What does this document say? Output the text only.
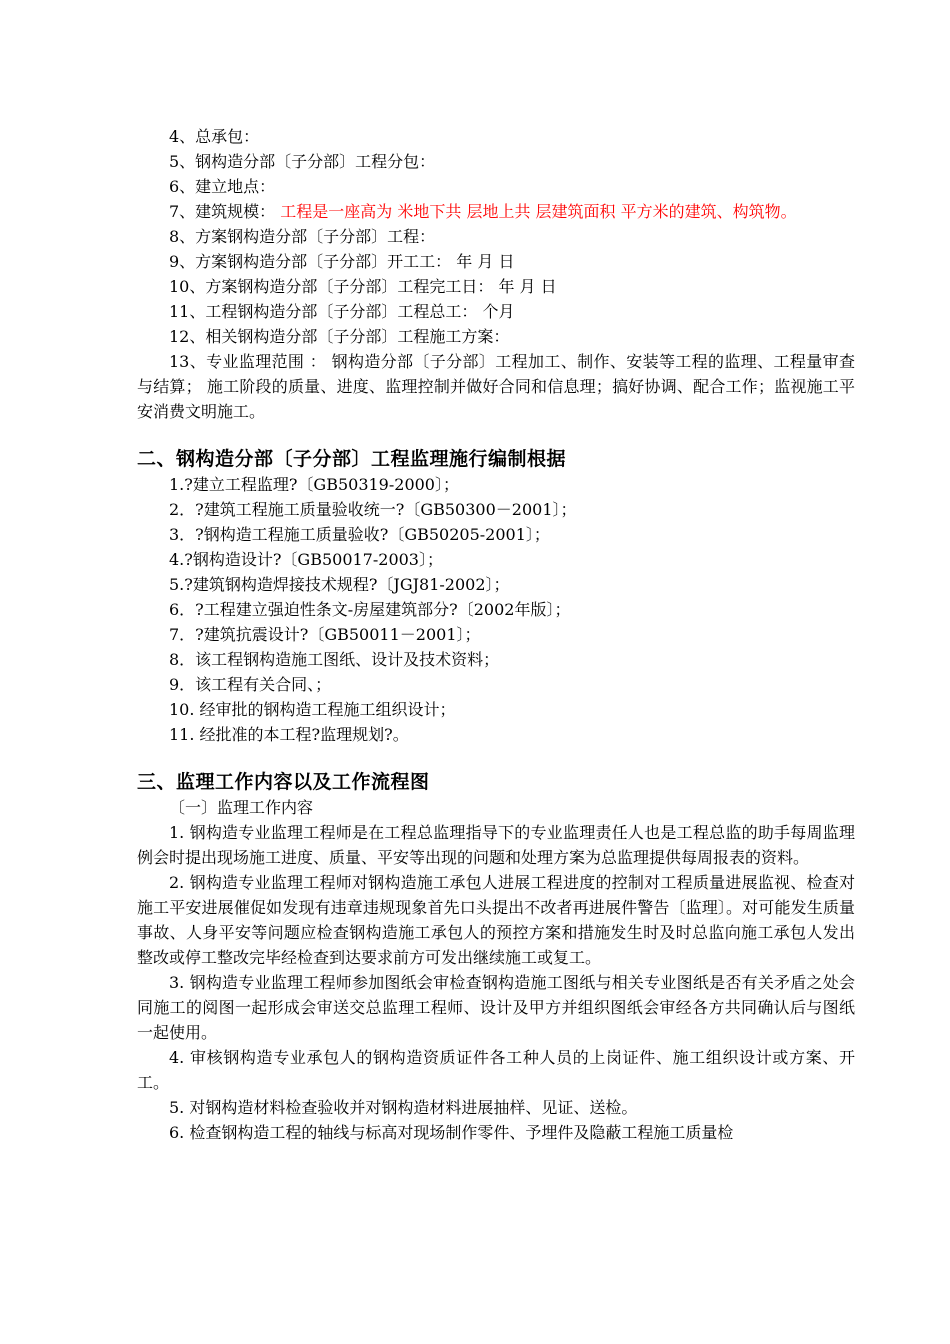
4、总承包：

5、钢构造分部〔子分部〕工程分包：

6、建立地点：

7、建筑规模： 工程是一座高为 米地下共 层地上共 层建筑面积 平方米的建筑、构筑物。

8、方案钢构造分部〔子分部〕工程：

9、方案钢构造分部〔子分部〕开工工： 年 月 日

10、方案钢构造分部〔子分部〕工程完工日： 年 月 日

11、工程钢构造分部〔子分部〕工程总工： 个月

12、相关钢构造分部〔子分部〕工程施工方案：

13、专业监理范围 ： 钢构造分部〔子分部〕工程加工、制作、安装等工程的监理、工程量审查与结算； 施工阶段的质量、进度、监理控制并做好合同和信息理；搞好协调、配合工作；监视施工平安消费文明施工。

二、钢构造分部〔子分部〕工程监理施行编制根据

1.?建立工程监理?〔GB50319-2000〕；

2．?建筑工程施工质量验收统一?〔GB50300－2001〕；

3．?钢构造工程施工质量验收?〔GB50205-2001〕；

4.?钢构造设计?〔GB50017-2003〕；

5.?建筑钢构造焊接技术规程?〔JGJ81-2002〕；

6．?工程建立强迫性条文-房屋建筑部分?〔2002年版〕；

7．?建筑抗震设计?〔GB50011－2001〕；

8．该工程钢构造施工图纸、设计及技术资料；

9．该工程有关合同、；

10. 经审批的钢构造工程施工组织设计；

11. 经批准的本工程?监理规划?。

三、监理工作内容以及工作流程图

〔一〕监理工作内容

1. 钢构造专业监理工程师是在工程总监理指导下的专业监理责任人也是工程总监的助手每周监理例会时提出现场施工进度、质量、平安等出现的问题和处理方案为总监理提供每周报表的资料。

2. 钢构造专业监理工程师对钢构造施工承包人进展工程进度的控制对工程质量进展监视、检查对施工平安进展催促如发现有违章违规现象首先口头提出不改者再进展件警告〔监理〕。对可能发生质量事故、人身平安等问题应检查钢构造施工承包人的预控方案和措施发生时及时总监向施工承包人发出整改或停工整改完毕经检查到达要求前方可发出继续施工或复工。

3. 钢构造专业监理工程师参加图纸会审检查钢构造施工图纸与相关专业图纸是否有关矛盾之处会同施工的阅图一起形成会审送交总监理工程师、设计及甲方并组织图纸会审经各方共同确认后与图纸一起使用。

4. 审核钢构造专业承包人的钢构造资质证件各工种人员的上岗证件、施工组织设计或方案、开工。

5. 对钢构造材料检查验收并对钢构造材料进展抽样、见证、送检。

6. 检查钢构造工程的轴线与标高对现场制作零件、予埋件及隐蔽工程施工质量检
